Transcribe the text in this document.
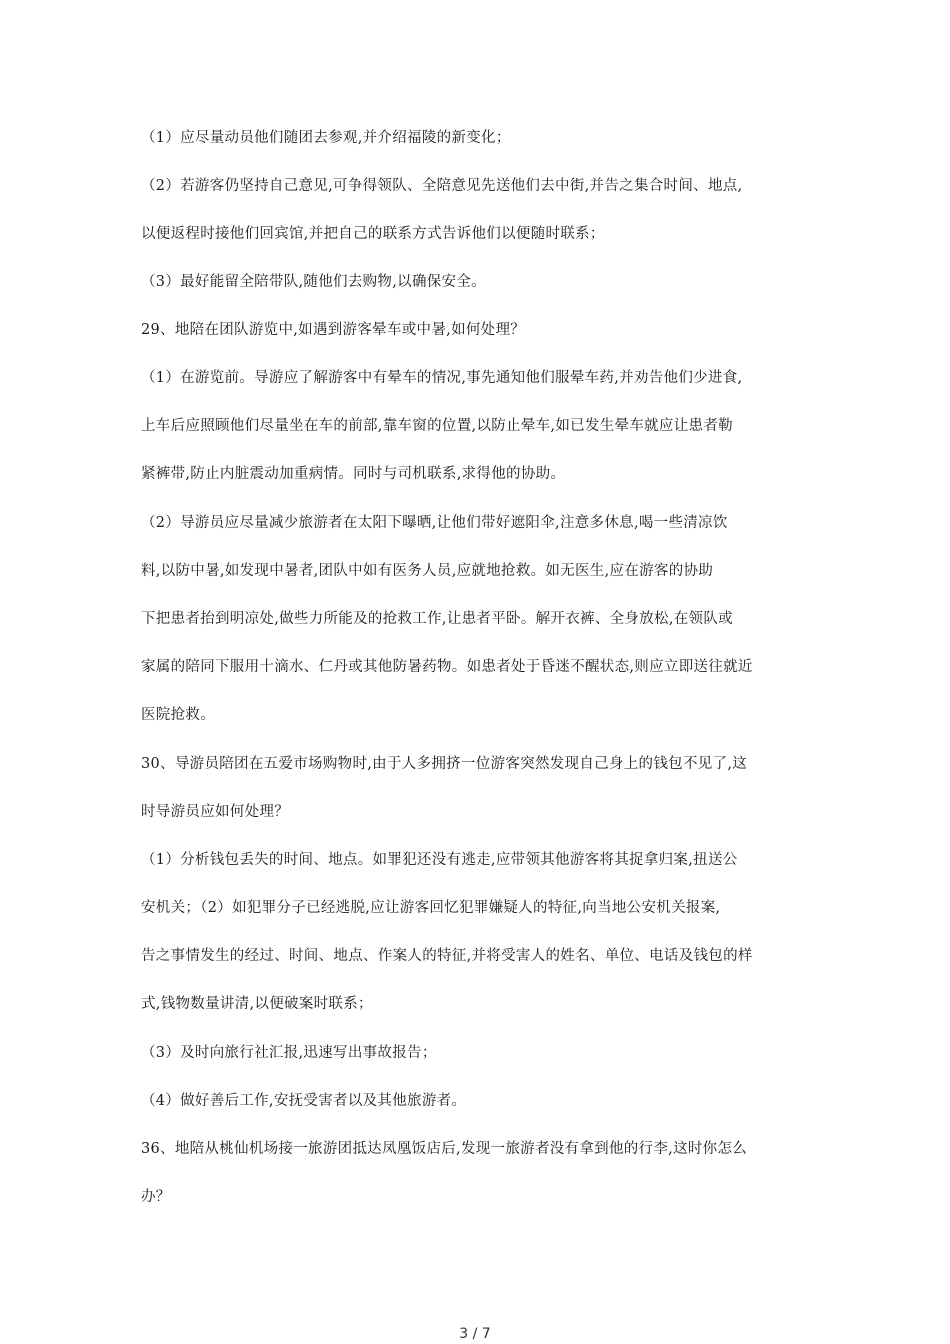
（1）应尽量动员他们随团去参观,并介绍福陵的新变化；
（2）若游客仍坚持自己意见,可争得领队、全陪意见先送他们去中街,并告之集合时间、地点,
以便返程时接他们回宾馆,并把自己的联系方式告诉他们以便随时联系；
（3）最好能留全陪带队,随他们去购物,以确保安全。
29、地陪在团队游览中,如遇到游客晕车或中暑,如何处理？
（1）在游览前。导游应了解游客中有晕车的情况,事先通知他们服晕车药,并劝告他们少进食,
上车后应照顾他们尽量坐在车的前部,靠车窗的位置,以防止晕车,如已发生晕车就应让患者勒
紧裤带,防止内脏震动加重病情。同时与司机联系,求得他的协助。
（2）导游员应尽量减少旅游者在太阳下曝晒,让他们带好遮阳伞,注意多休息,喝一些清凉饮
料,以防中暑,如发现中暑者,团队中如有医务人员,应就地抢救。如无医生,应在游客的协助
下把患者抬到明凉处,做些力所能及的抢救工作,让患者平卧。解开衣裤、全身放松,在领队或
家属的陪同下服用十滴水、仁丹或其他防暑药物。如患者处于昏迷不醒状态,则应立即送往就近
医院抢救。
30、导游员陪团在五爱市场购物时,由于人多拥挤一位游客突然发现自己身上的钱包不见了,这
时导游员应如何处理？
（1）分析钱包丢失的时间、地点。如罪犯还没有逃走,应带领其他游客将其捉拿归案,扭送公
安机关；（2）如犯罪分子已经逃脱,应让游客回忆犯罪嫌疑人的特征,向当地公安机关报案,
告之事情发生的经过、时间、地点、作案人的特征,并将受害人的姓名、单位、电话及钱包的样
式,钱物数量讲清,以便破案时联系；
（3）及时向旅行社汇报,迅速写出事故报告；
（4）做好善后工作,安抚受害者以及其他旅游者。
36、地陪从桃仙机场接一旅游团抵达凤凰饭店后,发现一旅游者没有拿到他的行李,这时你怎么
办？
3 / 7
